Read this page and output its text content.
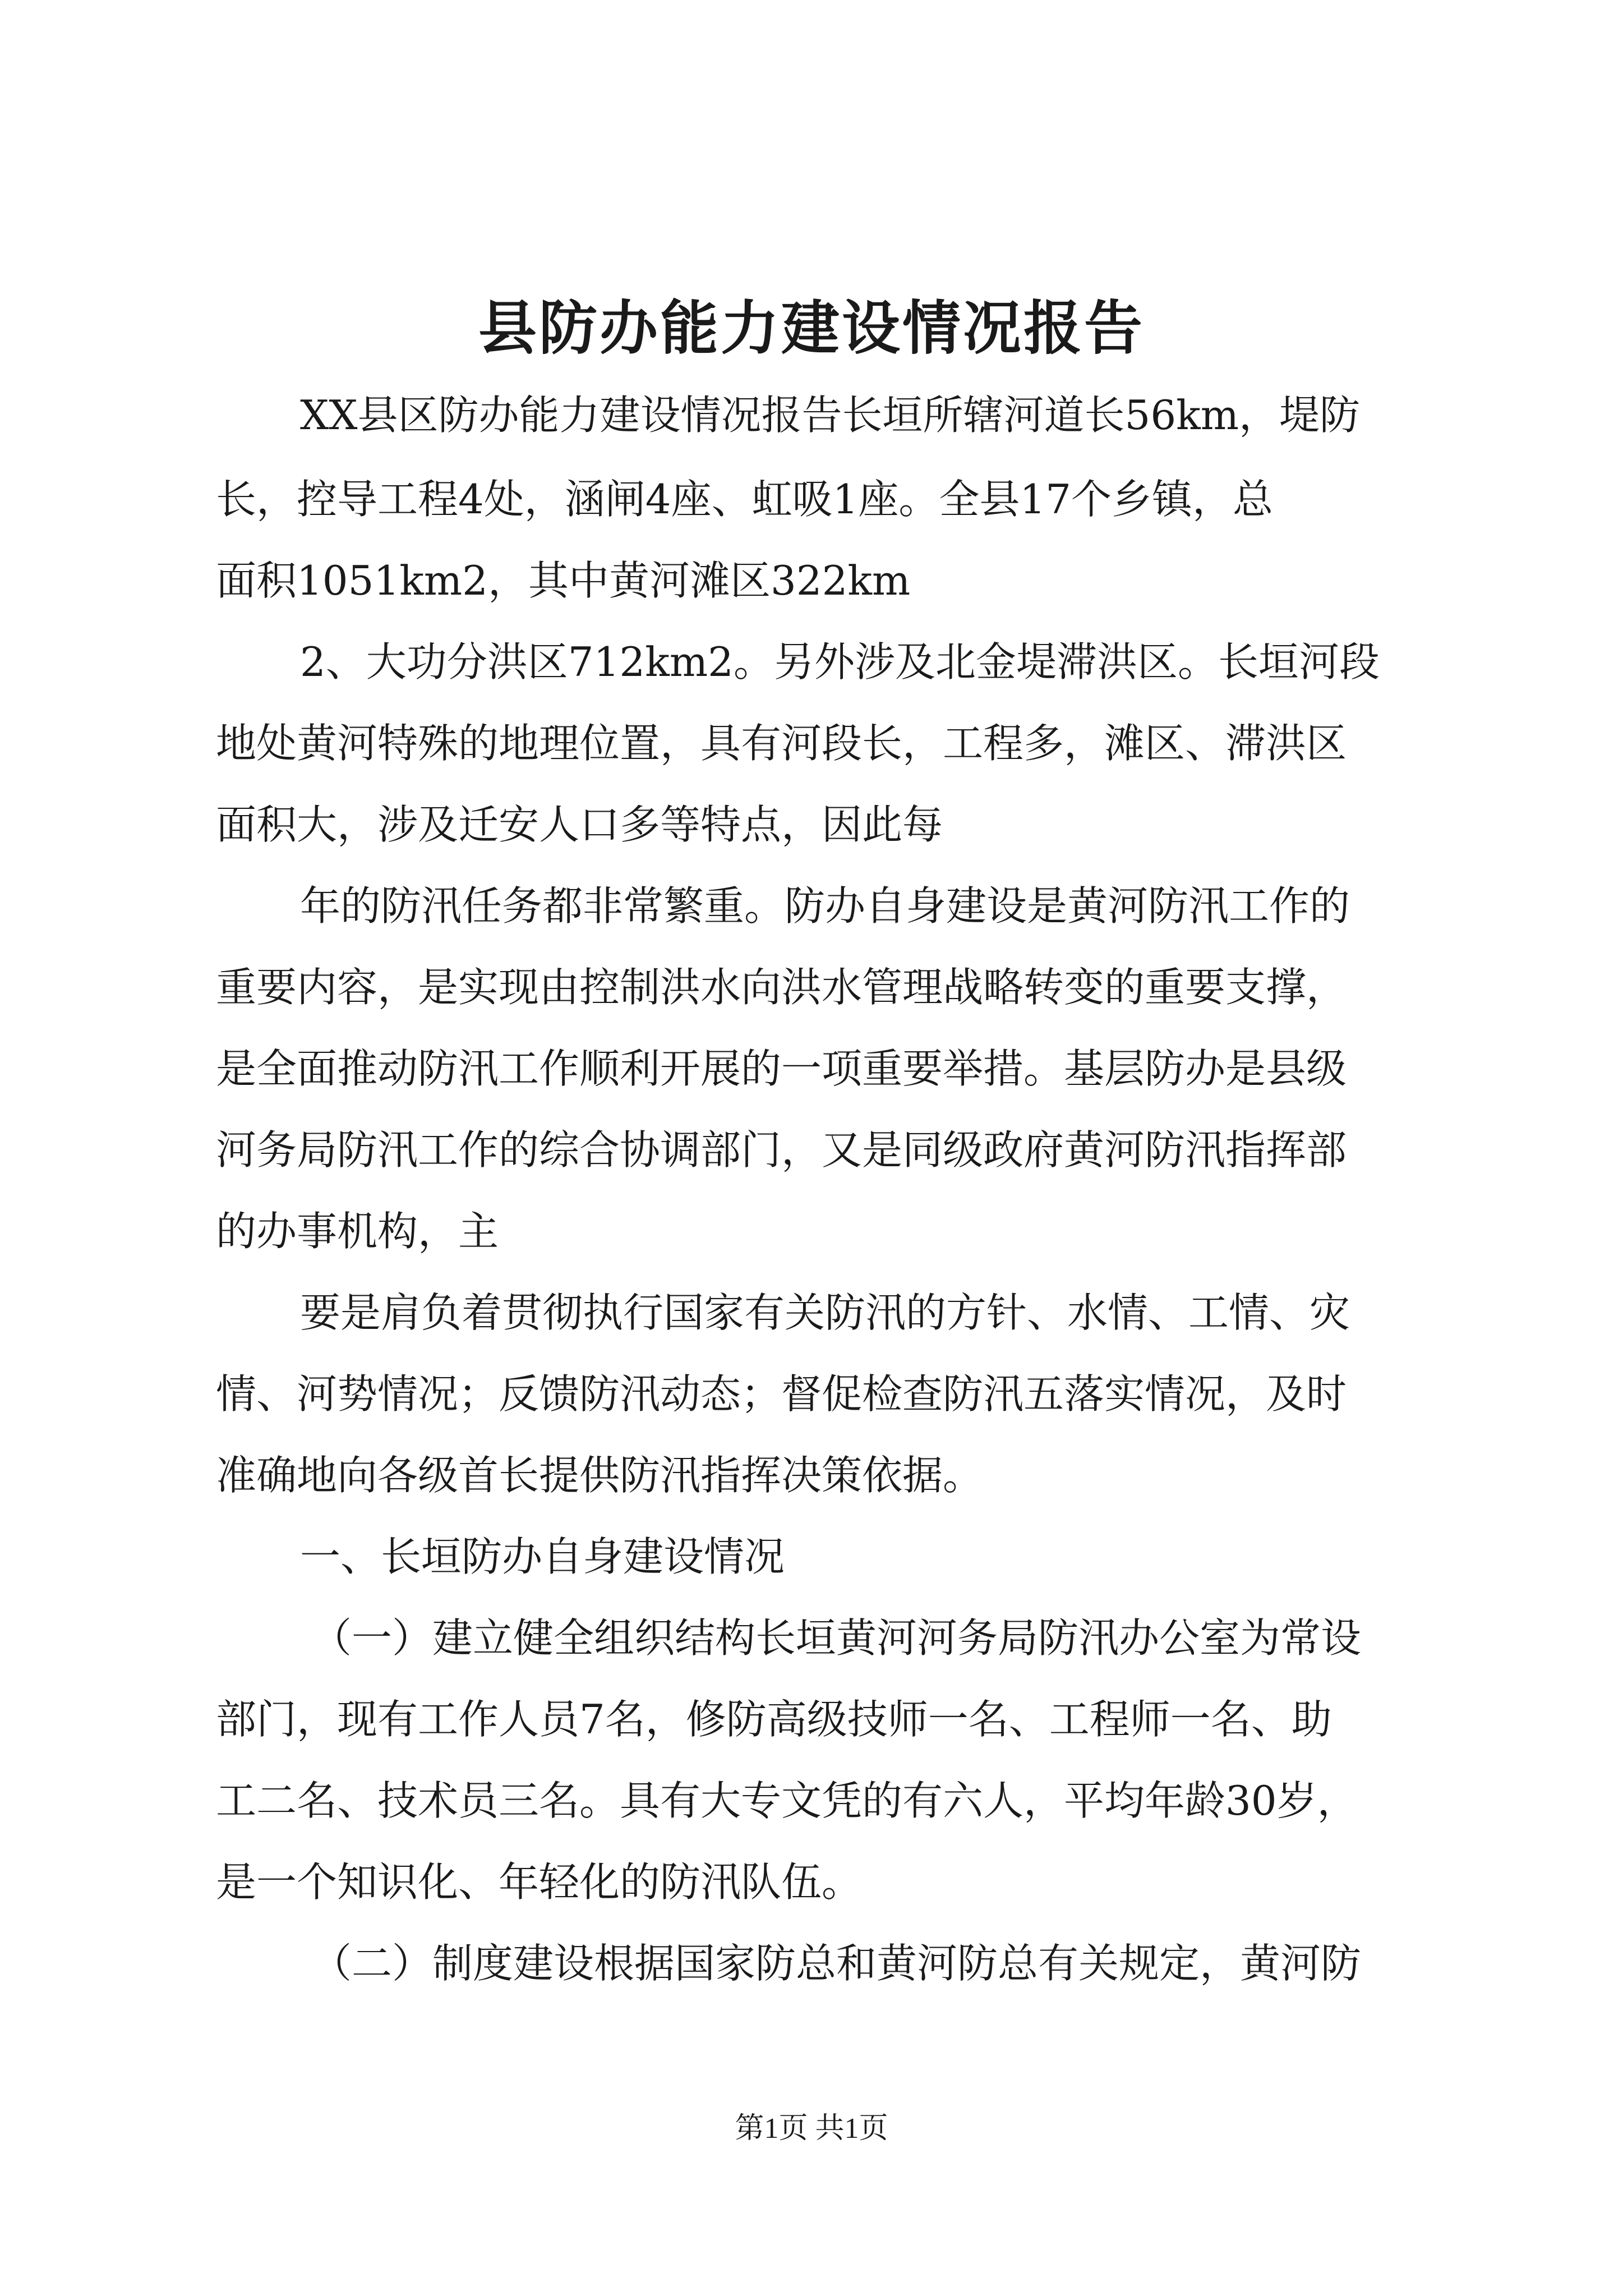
县防办能力建设情况报告
XX县区防办能力建设情况报告长垣所辖河道长56km，堤防
长，控导工程4处，涵闸4座、虹吸1座。全县17个乡镇，总
面积1051km2，其中黄河滩区322km
2、大功分洪区712km2。另外涉及北金堤滞洪区。长垣河段
地处黄河特殊的地理位置，具有河段长，工程多，滩区、滞洪区
面积大，涉及迁安人口多等特点，因此每
年的防汛任务都非常繁重。防办自身建设是黄河防汛工作的
重要内容，是实现由控制洪水向洪水管理战略转变的重要支撑，
是全面推动防汛工作顺利开展的一项重要举措。基层防办是县级
河务局防汛工作的综合协调部门，又是同级政府黄河防汛指挥部
的办事机构，主
要是肩负着贯彻执行国家有关防汛的方针、水情、工情、灾
情、河势情况；反馈防汛动态；督促检查防汛五落实情况，及时
准确地向各级首长提供防汛指挥决策依据。
一、长垣防办自身建设情况
（一）建立健全组织结构长垣黄河河务局防汛办公室为常设
部门，现有工作人员7名，修防高级技师一名、工程师一名、助
工二名、技术员三名。具有大专文凭的有六人，平均年龄30岁，
是一个知识化、年轻化的防汛队伍。
（二）制度建设根据国家防总和黄河防总有关规定，黄河防
第1页 共1页
